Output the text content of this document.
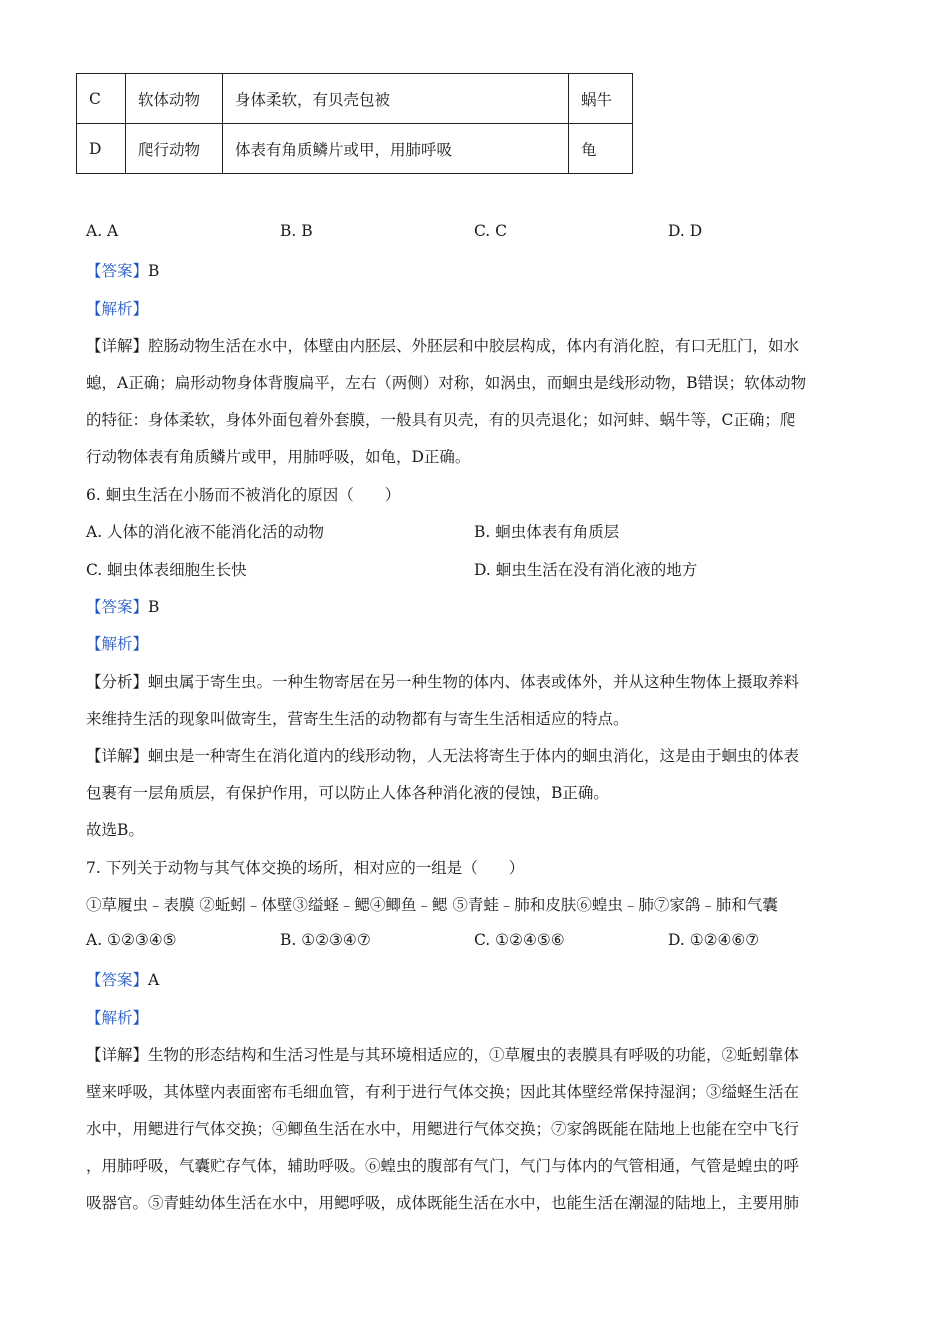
C	软体动物	身体柔软，有贝壳包被	蜗牛
D	爬行动物	体表有角质鳞片或甲，用肺呼吸	龟
A. A	B. B	C. C	D. D
【答案】B
【解析】
【详解】腔肠动物生活在水中，体壁由内胚层、外胚层和中胶层构成，体内有消化腔，有口无肛门，如水
螅，A正确；扁形动物身体背腹扁平，左右（两侧）对称，如涡虫，而蛔虫是线形动物，B错误；软体动物
的特征：身体柔软，身体外面包着外套膜，一般具有贝壳，有的贝壳退化；如河蚌、蜗牛等，C正确；爬
行动物体表有角质鳞片或甲，用肺呼吸，如龟，D正确。
6. 蛔虫生活在小肠而不被消化的原因（　　）
A. 人体的消化液不能消化活的动物	B. 蛔虫体表有角质层
C. 蛔虫体表细胞生长快	D. 蛔虫生活在没有消化液的地方
【答案】B
【解析】
【分析】蛔虫属于寄生虫。一种生物寄居在另一种生物的体内、体表或体外，并从这种生物体上摄取养料
来维持生活的现象叫做寄生，营寄生生活的动物都有与寄生生活相适应的特点。
【详解】蛔虫是一种寄生在消化道内的线形动物，人无法将寄生于体内的蛔虫消化，这是由于蛔虫的体表
包裹有一层角质层，有保护作用，可以防止人体各种消化液的侵蚀，B正确。
故选B。
7. 下列关于动物与其气体交换的场所，相对应的一组是（　　）
①草履虫﹣表膜 ②蚯蚓﹣体壁③缢蛏﹣鳃④鲫鱼﹣鳃 ⑤青蛙﹣肺和皮肤⑥蝗虫﹣肺⑦家鸽﹣肺和气囊
A. ①②③④⑤	B. ①②③④⑦	C. ①②④⑤⑥	D. ①②④⑥⑦
【答案】A
【解析】
【详解】生物的形态结构和生活习性是与其环境相适应的，①草履虫的表膜具有呼吸的功能，②蚯蚓靠体
壁来呼吸，其体壁内表面密布毛细血管，有利于进行气体交换；因此其体壁经常保持湿润；③缢蛏生活在
水中，用鳃进行气体交换；④鲫鱼生活在水中，用鳃进行气体交换；⑦家鸽既能在陆地上也能在空中飞行
，用肺呼吸，气囊贮存气体，辅助呼吸。⑥蝗虫的腹部有气门，气门与体内的气管相通，气管是蝗虫的呼
吸器官。⑤青蛙幼体生活在水中，用鳃呼吸，成体既能生活在水中，也能生活在潮湿的陆地上，主要用肺
